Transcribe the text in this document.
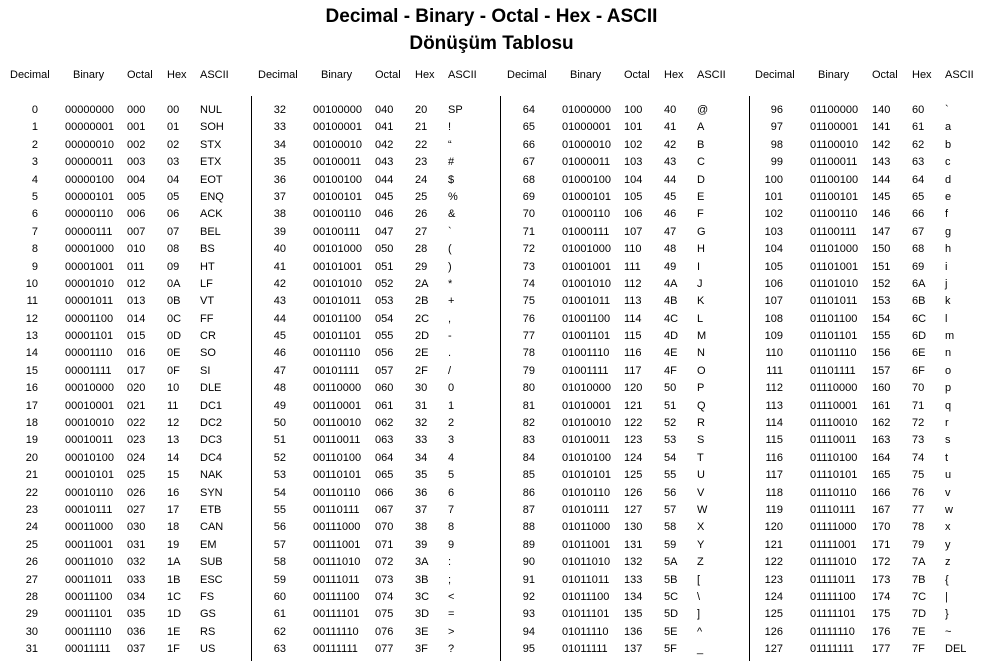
Decimal - Binary - Octal - Hex - ASCII
Dönüşüm Tablosu
Decimal Binary Octal Hex ASCII
0 00000000 000 00 NUL
1 00000001 001 01 SOH
2 00000010 002 02 STX
3 00000011 003 03 ETX
4 00000100 004 04 EOT
5 00000101 005 05 ENQ
6 00000110 006 06 ACK
7 00000111 007 07 BEL
8 00001000 010 08 BS
9 00001001 011 09 HT
10 00001010 012 0A LF
11 00001011 013 0B VT
12 00001100 014 0C FF
13 00001101 015 0D CR
14 00001110 016 0E SO
15 00001111 017 0F SI
16 00010000 020 10 DLE
17 00010001 021 11 DC1
18 00010010 022 12 DC2
19 00010011 023 13 DC3
20 00010100 024 14 DC4
21 00010101 025 15 NAK
22 00010110 026 16 SYN
23 00010111 027 17 ETB
24 00011000 030 18 CAN
25 00011001 031 19 EM
26 00011010 032 1A SUB
27 00011011 033 1B ESC
28 00011100 034 1C FS
29 00011101 035 1D GS
30 00011110 036 1E RS
31 00011111 037 1F US
Decimal Binary Octal Hex ASCII
32 00100000 040 20 SP
33 00100001 041 21 !
34 00100010 042 22 “
35 00100011 043 23 #
36 00100100 044 24 $
37 00100101 045 25 %
38 00100110 046 26 &
39 00100111 047 27 `
40 00101000 050 28 (
41 00101001 051 29 )
42 00101010 052 2A *
43 00101011 053 2B +
44 00101100 054 2C ,
45 00101101 055 2D -
46 00101110 056 2E .
47 00101111 057 2F /
48 00110000 060 30 0
49 00110001 061 31 1
50 00110010 062 32 2
51 00110011 063 33 3
52 00110100 064 34 4
53 00110101 065 35 5
54 00110110 066 36 6
55 00110111 067 37 7
56 00111000 070 38 8
57 00111001 071 39 9
58 00111010 072 3A :
59 00111011 073 3B ;
60 00111100 074 3C <
61 00111101 075 3D =
62 00111110 076 3E >
63 00111111 077 3F ?
Decimal Binary Octal Hex ASCII
64 01000000 100 40 @
65 01000001 101 41 A
66 01000010 102 42 B
67 01000011 103 43 C
68 01000100 104 44 D
69 01000101 105 45 E
70 01000110 106 46 F
71 01000111 107 47 G
72 01001000 110 48 H
73 01001001 111 49 I
74 01001010 112 4A J
75 01001011 113 4B K
76 01001100 114 4C L
77 01001101 115 4D M
78 01001110 116 4E N
79 01001111 117 4F O
80 01010000 120 50 P
81 01010001 121 51 Q
82 01010010 122 52 R
83 01010011 123 53 S
84 01010100 124 54 T
85 01010101 125 55 U
86 01010110 126 56 V
87 01010111 127 57 W
88 01011000 130 58 X
89 01011001 131 59 Y
90 01011010 132 5A Z
91 01011011 133 5B [
92 01011100 134 5C \
93 01011101 135 5D ]
94 01011110 136 5E ^
95 01011111 137 5F _
Decimal Binary Octal Hex ASCII
96 01100000 140 60 `
97 01100001 141 61 a
98 01100010 142 62 b
99 01100011 143 63 c
100 01100100 144 64 d
101 01100101 145 65 e
102 01100110 146 66 f
103 01100111 147 67 g
104 01101000 150 68 h
105 01101001 151 69 i
106 01101010 152 6A j
107 01101011 153 6B k
108 01101100 154 6C l
109 01101101 155 6D m
110 01101110 156 6E n
111 01101111 157 6F o
112 01110000 160 70 p
113 01110001 161 71 q
114 01110010 162 72 r
115 01110011 163 73 s
116 01110100 164 74 t
117 01110101 165 75 u
118 01110110 166 76 v
119 01110111 167 77 w
120 01111000 170 78 x
121 01111001 171 79 y
122 01111010 172 7A z
123 01111011 173 7B {
124 01111100 174 7C |
125 01111101 175 7D }
126 01111110 176 7E ~
127 01111111 177 7F DEL
